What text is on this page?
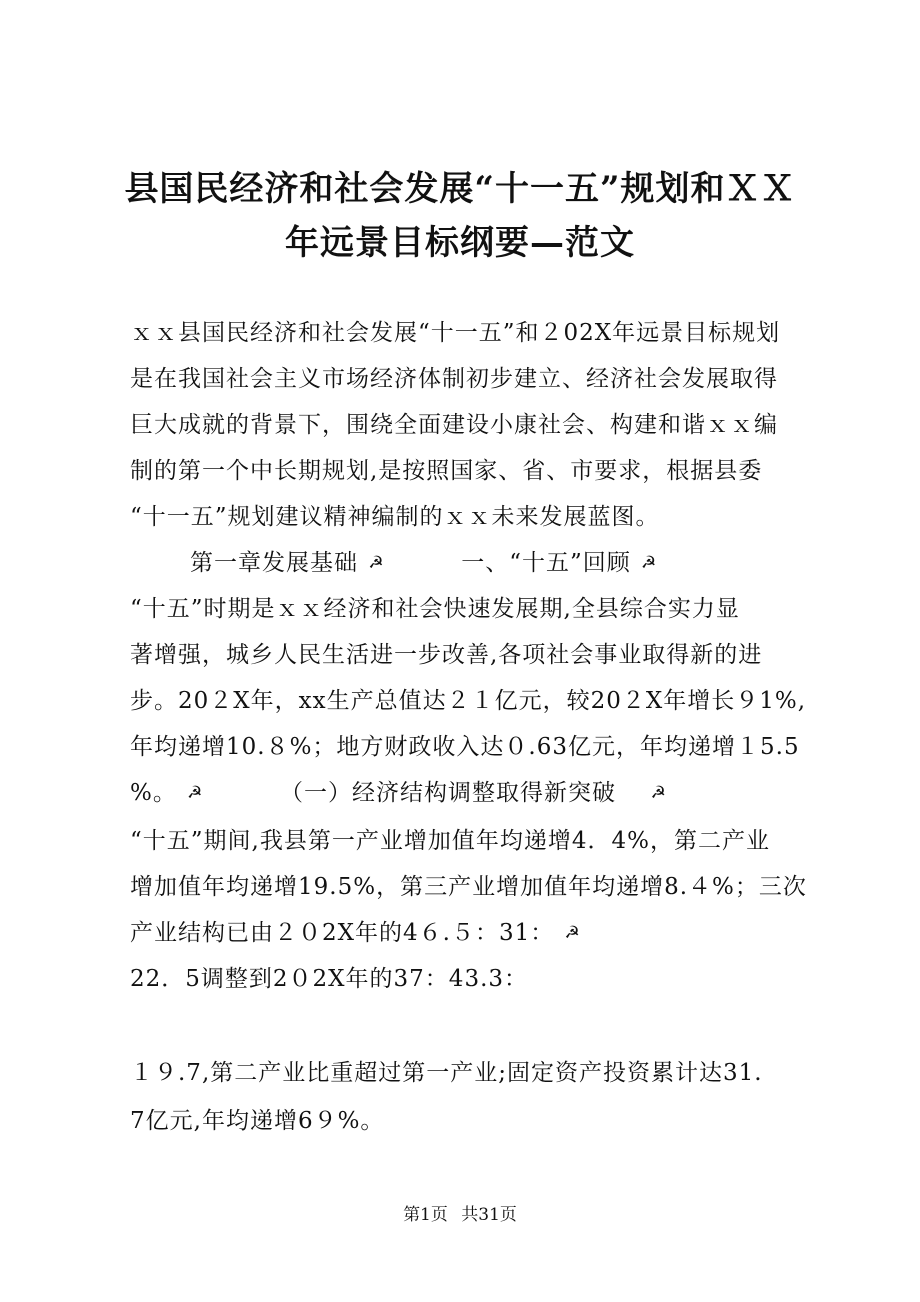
县国民经济和社会发展“十一五”规划和ＸＸ
年远景目标纲要—范文
ｘｘ县国民经济和社会发展“十一五”和２02X年远景目标规划
是在我国社会主义市场经济体制初步建立、经济社会发展取得
巨大成就的背景下，围绕全面建设小康社会、构建和谐ｘｘ编
制的第一个中长期规划,是按照国家、省、市要求，根据县委
“十一五”规划建议精神编制的ｘｘ未来发展蓝图。
第一章发展基础 ☭	一、“十五”回顾 ☭
“十五”时期是ｘｘ经济和社会快速发展期,全县综合实力显
著增强，城乡人民生活进一步改善,各项社会事业取得新的进
步。20２X年，xx生产总值达２１亿元，较20２X年增长９1%,
年均递增10.８%；地方财政收入达０.63亿元，年均递增１5.5
%。 ☭	（一）经济结构调整取得新突破 ☭
“十五”期间,我县第一产业增加值年均递增4．4%，第二产业
增加值年均递增19.5%，第三产业增加值年均递增8.４%；三次
产业结构已由２０2X年的4６.５：31： ☭
22．5调整到2０2X年的37：43.3：
１９.7,第二产业比重超过第一产业;固定资产投资累计达31.
7亿元,年均递增6９%。
第1页 共31页
